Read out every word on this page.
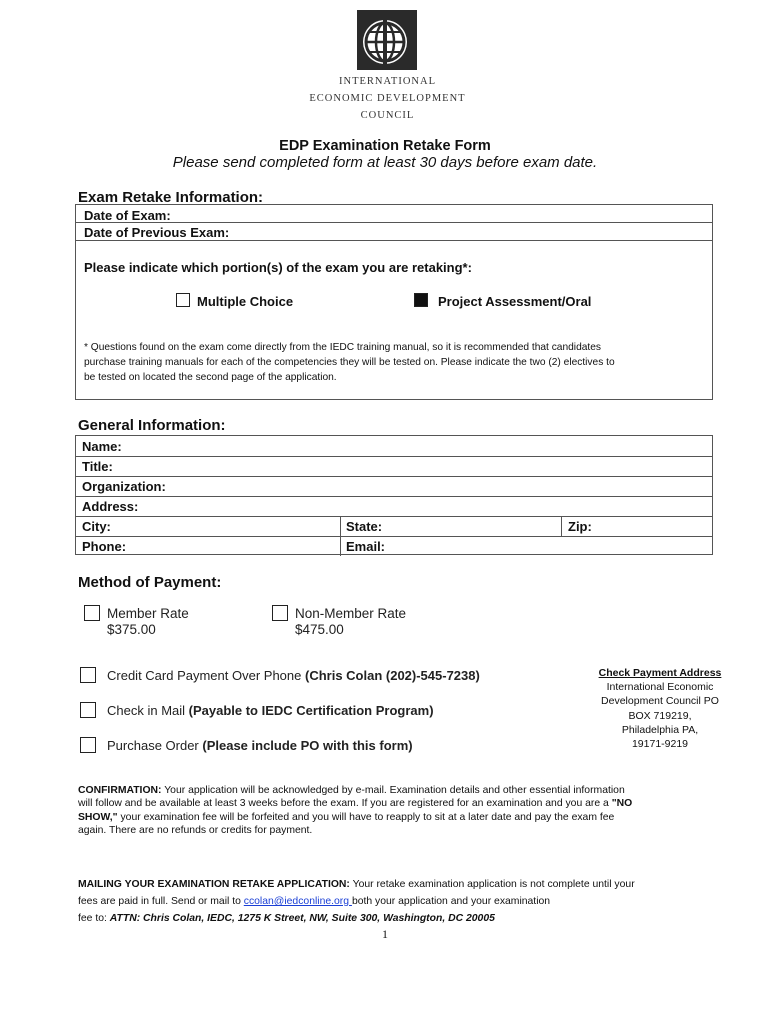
INTERNATIONAL
ECONOMIC DEVELOPMENT
COUNCIL
EDP Examination Retake Form
Please send completed form at least 30 days before exam date.
Exam Retake Information:
Date of Exam:
Date of Previous Exam:
Please indicate which portion(s) of the exam you are retaking*:
Multiple Choice	Project Assessment/Oral
* Questions found on the exam come directly from the IEDC training manual, so it is recommended that candidates
purchase training manuals for each of the competencies they will be tested on. Please indicate the two (2) electives to
be tested on located the second page of the application.
General Information:
Name:
Title:
Organization:
Address:
City:	State:	Zip:
Phone:	Email:
Method of Payment:
Member Rate
$375.00
Non-Member Rate
$475.00
Credit Card Payment Over Phone (Chris Colan (202)-545-7238)
Check in Mail (Payable to IEDC Certification Program)
Purchase Order (Please include PO with this form)
Check Payment Address
International Economic
Development Council PO
BOX 719219,
Philadelphia PA,
19171-9219
CONFIRMATION: Your application will be acknowledged by e-mail. Examination details and other essential information
will follow and be available at least 3 weeks before the exam. If you are registered for an examination and you are a "NO
SHOW," your examination fee will be forfeited and you will have to reapply to sit at a later date and pay the exam fee
again. There are no refunds or credits for payment.
MAILING YOUR EXAMINATION RETAKE APPLICATION: Your retake examination application is not complete until your
fees are paid in full. Send or mail to ccolan@iedconline.org both your application and your examination
fee to: ATTN: Chris Colan, IEDC, 1275 K Street, NW, Suite 300, Washington, DC 20005
1
